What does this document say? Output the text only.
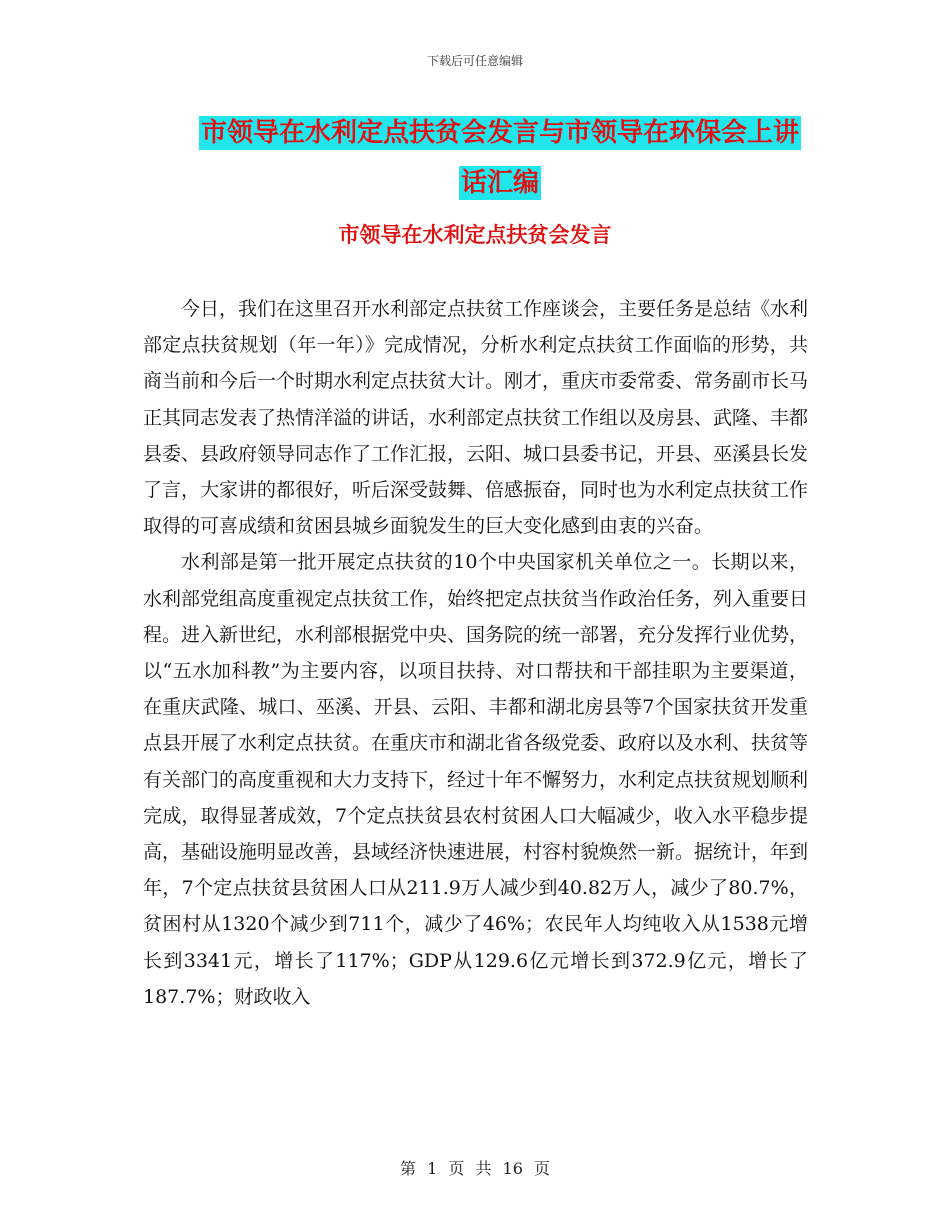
下载后可任意编辑
市领导在水利定点扶贫会发言与市领导在环保会上讲
话汇编
市领导在水利定点扶贫会发言

今日，我们在这里召开水利部定点扶贫工作座谈会，主要任务是总结《水利部定点扶贫规划（年一年）》完成情况，分析水利定点扶贫工作面临的形势，共商当前和今后一个时期水利定点扶贫大计。刚才，重庆市委常委、常务副市长马正其同志发表了热情洋溢的讲话，水利部定点扶贫工作组以及房县、武隆、丰都县委、县政府领导同志作了工作汇报，云阳、城口县委书记，开县、巫溪县长发了言，大家讲的都很好，听后深受鼓舞、倍感振奋，同时也为水利定点扶贫工作取得的可喜成绩和贫困县城乡面貌发生的巨大变化感到由衷的兴奋。

水利部是第一批开展定点扶贫的10个中央国家机关单位之一。长期以来，水利部党组高度重视定点扶贫工作，始终把定点扶贫当作政治任务，列入重要日程。进入新世纪，水利部根据党中央、国务院的统一部署，充分发挥行业优势，以“五水加科教”为主要内容，以项目扶持、对口帮扶和干部挂职为主要渠道，在重庆武隆、城口、巫溪、开县、云阳、丰都和湖北房县等7个国家扶贫开发重点县开展了水利定点扶贫。在重庆市和湖北省各级党委、政府以及水利、扶贫等有关部门的高度重视和大力支持下，经过十年不懈努力，水利定点扶贫规划顺利完成，取得显著成效，7个定点扶贫县农村贫困人口大幅减少，收入水平稳步提高，基础设施明显改善，县域经济快速进展，村容村貌焕然一新。据统计，年到年，7个定点扶贫县贫困人口从211.9万人减少到40.82万人，减少了80.7%，贫困村从1320个减少到711个，减少了46%；农民年人均纯收入从1538元增长到3341元，增长了117%；GDP从129.6亿元增长到372.9亿元，增长了187.7%；财政收入

第 1 页 共 16 页
